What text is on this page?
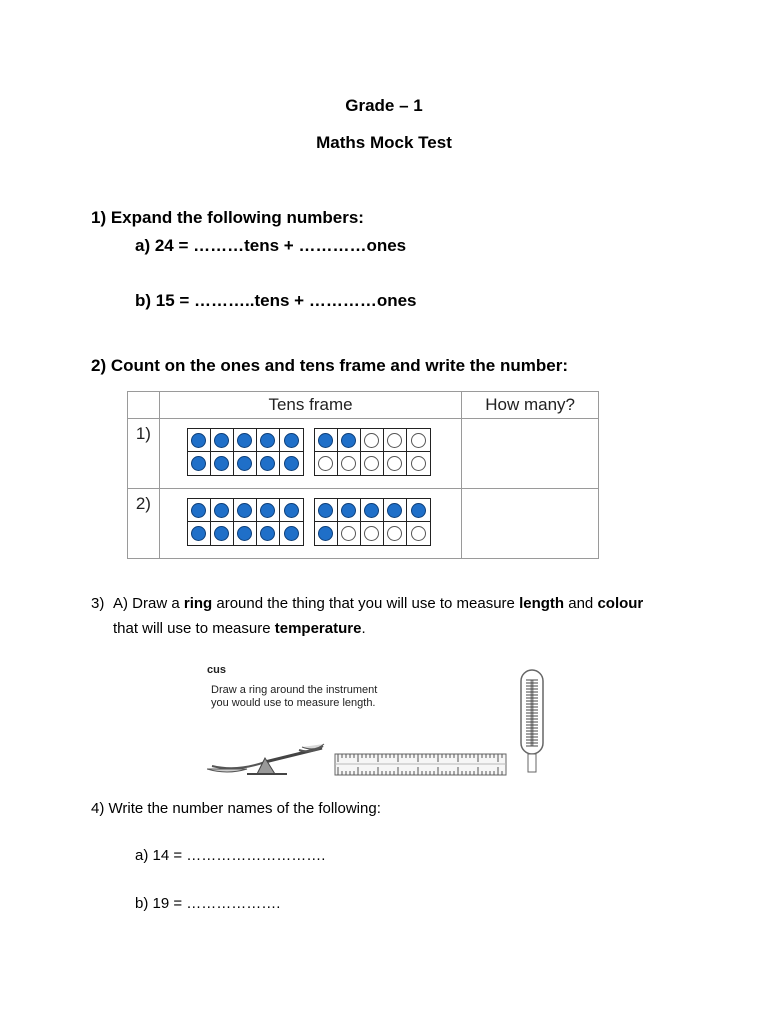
Grade – 1
Maths Mock Test
1) Expand the following numbers:
a) 24 = ………tens + …………ones
b) 15 = ………..tens + …………ones
2) Count on the ones and tens frame and write the number:
	Tens frame	How many?
1)	

2)	

3) A) Draw a ring around the thing that you will use to measure length and colour
that will use to measure temperature.
cus
Draw a ring around the instrument
you would use to measure length.
4) Write the number names of the following:
a) 14 = ……………………….
b) 19 = ……………….
